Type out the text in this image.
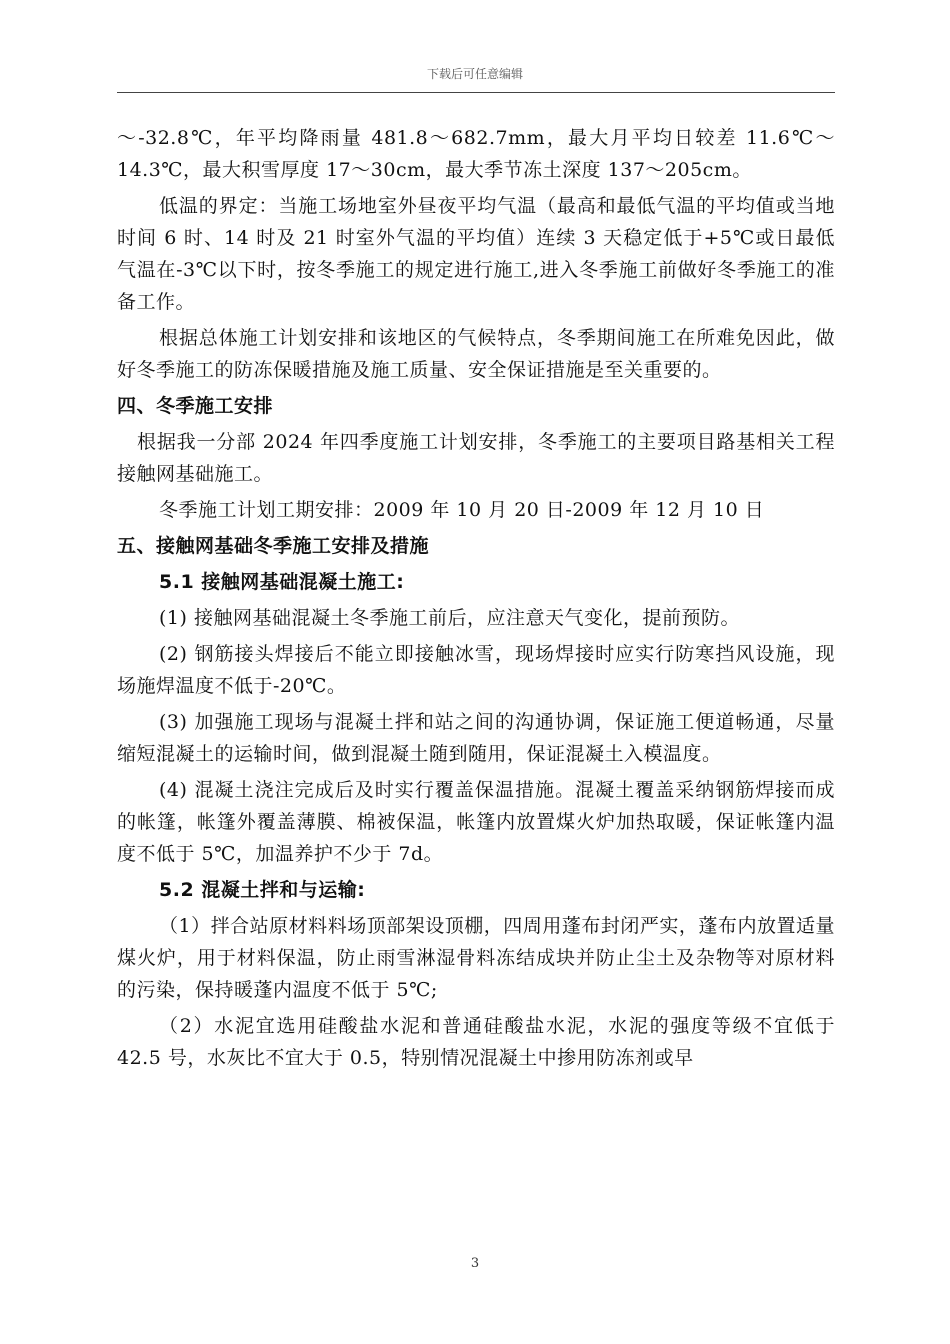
下载后可任意编辑

～-32.8℃，年平均降雨量 481.8～682.7mm，最大月平均日较差 11.6℃～14.3℃，最大积雪厚度 17～30cm，最大季节冻土深度 137～205cm。

低温的界定：当施工场地室外昼夜平均气温（最高和最低气温的平均值或当地时间 6 时、14 时及 21 时室外气温的平均值）连续 3 天稳定低于+5℃或日最低气温在-3℃以下时，按冬季施工的规定进行施工,进入冬季施工前做好冬季施工的准备工作。

根据总体施工计划安排和该地区的气候特点，冬季期间施工在所难免因此，做好冬季施工的防冻保暖措施及施工质量、安全保证措施是至关重要的。

四、冬季施工安排

根据我一分部 2024 年四季度施工计划安排，冬季施工的主要项目路基相关工程接触网基础施工。

冬季施工计划工期安排：2009 年 10 月 20 日-2009 年 12 月 10 日

五、接触网基础冬季施工安排及措施

5.1 接触网基础混凝土施工:

(1) 接触网基础混凝土冬季施工前后，应注意天气变化，提前预防。

(2) 钢筋接头焊接后不能立即接触冰雪，现场焊接时应实行防寒挡风设施，现场施焊温度不低于-20℃。

(3) 加强施工现场与混凝土拌和站之间的沟通协调，保证施工便道畅通，尽量缩短混凝土的运输时间，做到混凝土随到随用，保证混凝土入模温度。

(4) 混凝土浇注完成后及时实行覆盖保温措施。混凝土覆盖采纳钢筋焊接而成的帐篷，帐篷外覆盖薄膜、棉被保温，帐篷内放置煤火炉加热取暖，保证帐篷内温度不低于 5℃，加温养护不少于 7d。

5.2 混凝土拌和与运输:

（1）拌合站原材料料场顶部架设顶棚，四周用蓬布封闭严实，蓬布内放置适量煤火炉，用于材料保温，防止雨雪淋湿骨料冻结成块并防止尘土及杂物等对原材料的污染，保持暖蓬内温度不低于 5℃;

（2）水泥宜选用硅酸盐水泥和普通硅酸盐水泥，水泥的强度等级不宜低于 42.5 号，水灰比不宜大于 0.5，特别情况混凝土中掺用防冻剂或早

3
